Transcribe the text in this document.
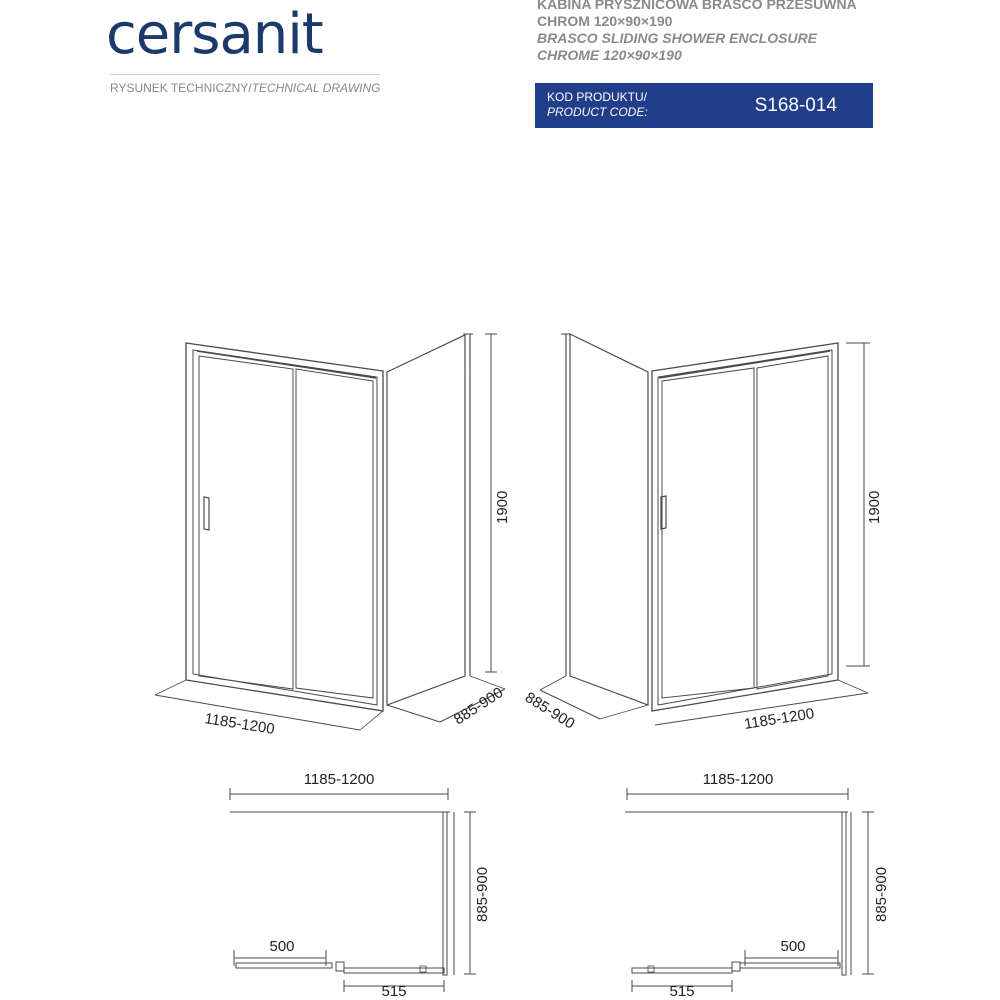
cersanit
RYSUNEK TECHNICZNY/TECHNICAL DRAWING
KABINA PRYSZNICOWA BRASCO PRZESUWNA
CHROM 120×90×190
BRASCO SLIDING SHOWER ENCLOSURE
CHROME 120×90×190
KOD PRODUKTU/
PRODUCT CODE:	S168-014
1900
1185-1200	885-900
1900
885-900	1185-1200
1185-1200
885-900
500
515
1185-1200
885-900
500
515
